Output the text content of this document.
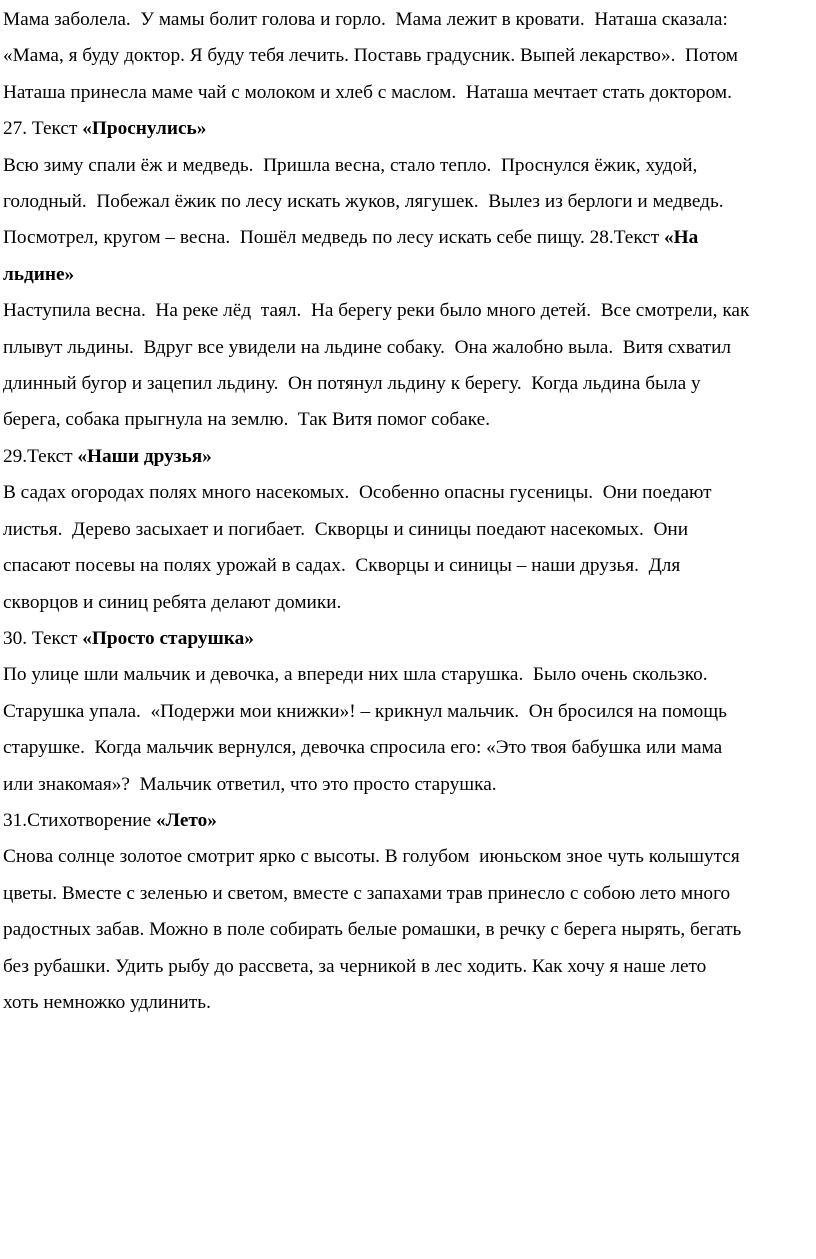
Мама заболела.  У мамы болит голова и горло.  Мама лежит в кровати.  Наташа сказала:
«Мама, я буду доктор. Я буду тебя лечить. Поставь градусник. Выпей лекарство».  Потом
Наташа принесла маме чай с молоком и хлеб с маслом.  Наташа мечтает стать доктором.
27. Текст «Проснулись»
Всю зиму спали ёж и медведь.  Пришла весна, стало тепло.  Проснулся ёжик, худой,
голодный.  Побежал ёжик по лесу искать жуков, лягушек.  Вылез из берлоги и медведь.
Посмотрел, кругом – весна.  Пошёл медведь по лесу искать себе пищу. 28.Текст «На
льдине»
Наступила весна.  На реке лёд  таял.  На берегу реки было много детей.  Все смотрели, как
плывут льдины.  Вдруг все увидели на льдине собаку.  Она жалобно выла.  Витя схватил
длинный бугор и зацепил льдину.  Он потянул льдину к берегу.  Когда льдина была у
берега, собака прыгнула на землю.  Так Витя помог собаке.
29.Текст «Наши друзья»
В садах огородах полях много насекомых.  Особенно опасны гусеницы.  Они поедают
листья.  Дерево засыхает и погибает.  Скворцы и синицы поедают насекомых.  Они
спасают посевы на полях урожай в садах.  Скворцы и синицы – наши друзья.  Для
скворцов и синиц ребята делают домики.
30. Текст «Просто старушка»
По улице шли мальчик и девочка, а впереди них шла старушка.  Было очень скользко.
Старушка упала.  «Подержи мои книжки»! – крикнул мальчик.  Он бросился на помощь
старушке.  Когда мальчик вернулся, девочка спросила его: «Это твоя бабушка или мама
или знакомая»?  Мальчик ответил, что это просто старушка.
31.Стихотворение «Лето»
Снова солнце золотое смотрит ярко с высоты. В голубом  июньском зное чуть колышутся
цветы. Вместе с зеленью и светом, вместе с запахами трав принесло с собою лето много
радостных забав. Можно в поле собирать белые ромашки, в речку с берега нырять, бегать
без рубашки. Удить рыбу до рассвета, за черникой в лес ходить. Как хочу я наше лето
хоть немножко удлинить.
